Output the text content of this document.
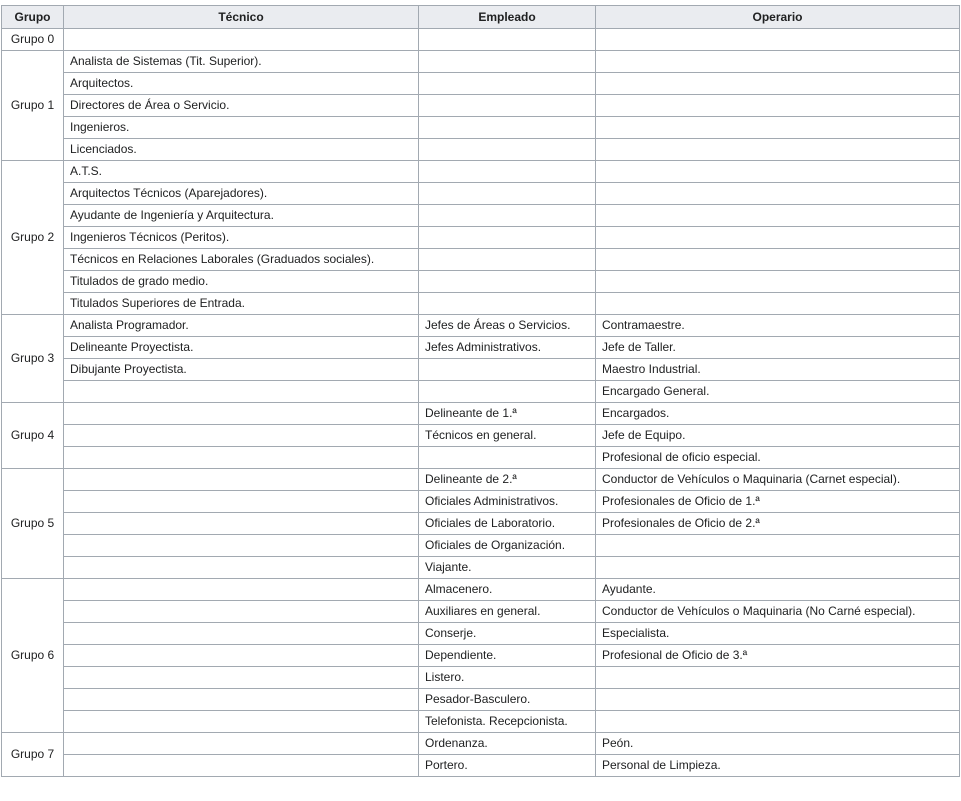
Grupo	Técnico	Empleado	Operario
Grupo 0			
Grupo 1	Analista de Sistemas (Tit. Superior).		
	Arquitectos.		
	Directores de Área o Servicio.		
	Ingenieros.		
	Licenciados.		
Grupo 2	A.T.S.		
	Arquitectos Técnicos (Aparejadores).		
	Ayudante de Ingeniería y Arquitectura.		
	Ingenieros Técnicos (Peritos).		
	Técnicos en Relaciones Laborales (Graduados sociales).		
	Titulados de grado medio.		
	Titulados Superiores de Entrada.		
Grupo 3	Analista Programador.	Jefes de Áreas o Servicios.	Contramaestre.
	Delineante Proyectista.	Jefes Administrativos.	Jefe de Taller.
	Dibujante Proyectista.		Maestro Industrial.
			Encargado General.
Grupo 4		Delineante de 1.ª	Encargados.
		Técnicos en general.	Jefe de Equipo.
			Profesional de oficio especial.
Grupo 5		Delineante de 2.ª	Conductor de Vehículos o Maquinaria (Carnet especial).
		Oficiales Administrativos.	Profesionales de Oficio de 1.ª
		Oficiales de Laboratorio.	Profesionales de Oficio de 2.ª
		Oficiales de Organización.	
		Viajante.	
Grupo 6		Almacenero.	Ayudante.
		Auxiliares en general.	Conductor de Vehículos o Maquinaria (No Carné especial).
		Conserje.	Especialista.
		Dependiente.	Profesional de Oficio de 3.ª
		Listero.	
		Pesador-Basculero.	
		Telefonista. Recepcionista.	
Grupo 7		Ordenanza.	Peón.
		Portero.	Personal de Limpieza.
